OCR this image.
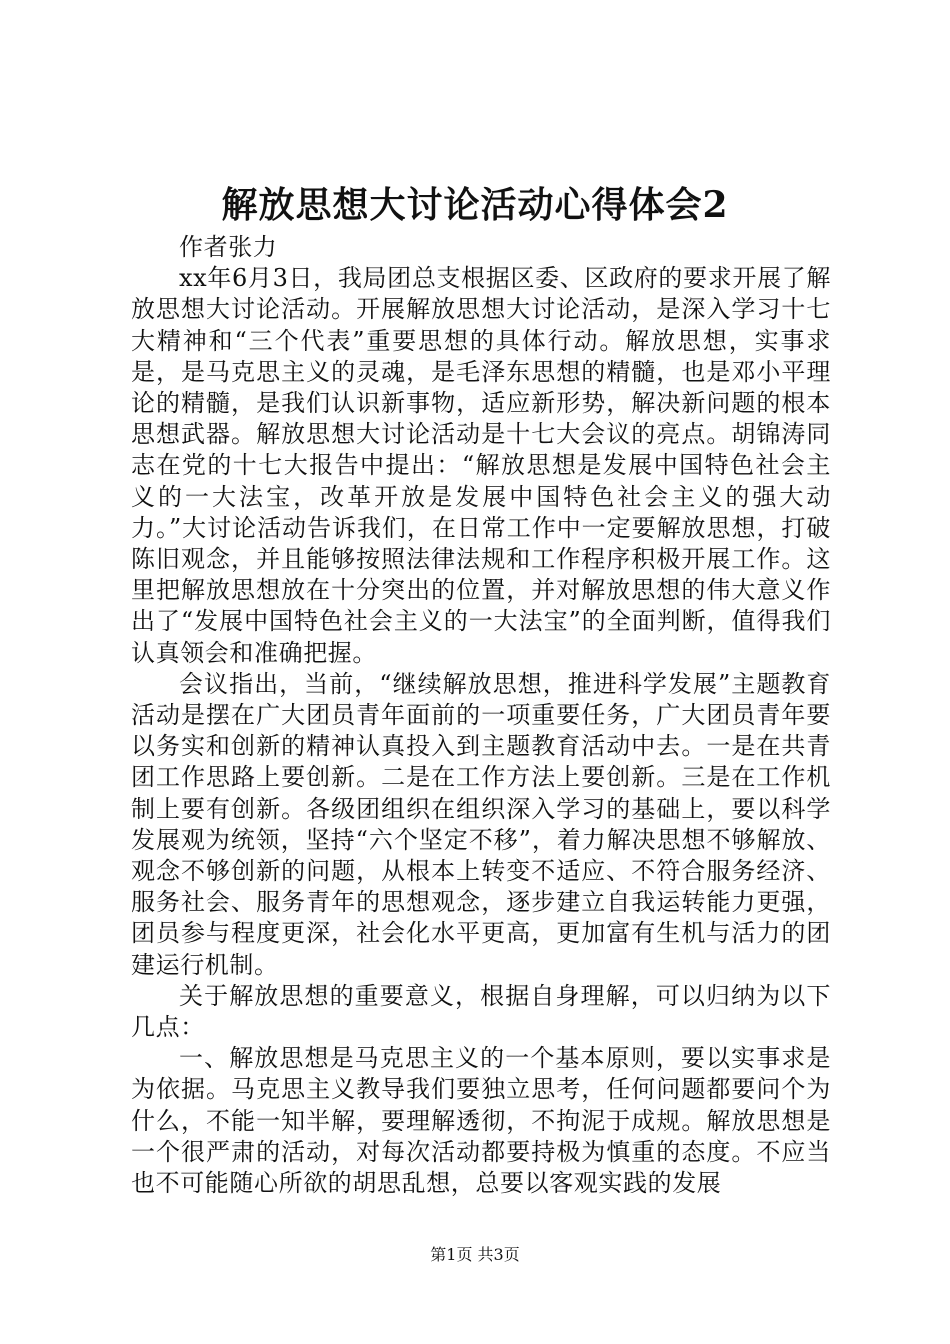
解放思想大讨论活动心得体会2

作者张力

xx年6月3日，我局团总支根据区委、区政府的要求开展了解放思想大讨论活动。开展解放思想大讨论活动，是深入学习十七大精神和“三个代表”重要思想的具体行动。解放思想，实事求是，是马克思主义的灵魂，是毛泽东思想的精髓，也是邓小平理论的精髓，是我们认识新事物，适应新形势，解决新问题的根本思想武器。解放思想大讨论活动是十七大会议的亮点。胡锦涛同志在党的十七大报告中提出：“解放思想是发展中国特色社会主义的一大法宝，改革开放是发展中国特色社会主义的强大动力。”大讨论活动告诉我们，在日常工作中一定要解放思想，打破陈旧观念，并且能够按照法律法规和工作程序积极开展工作。这里把解放思想放在十分突出的位置，并对解放思想的伟大意义作出了“发展中国特色社会主义的一大法宝”的全面判断，值得我们认真领会和准确把握。

会议指出，当前，“继续解放思想，推进科学发展”主题教育活动是摆在广大团员青年面前的一项重要任务，广大团员青年要以务实和创新的精神认真投入到主题教育活动中去。一是在共青团工作思路上要创新。二是在工作方法上要创新。三是在工作机制上要有创新。各级团组织在组织深入学习的基础上，要以科学发展观为统领，坚持“六个坚定不移”，着力解决思想不够解放、观念不够创新的问题，从根本上转变不适应、不符合服务经济、服务社会、服务青年的思想观念，逐步建立自我运转能力更强，团员参与程度更深，社会化水平更高，更加富有生机与活力的团建运行机制。

关于解放思想的重要意义，根据自身理解，可以归纳为以下几点：

一、解放思想是马克思主义的一个基本原则，要以实事求是为依据。马克思主义教导我们要独立思考，任何问题都要问个为什么，不能一知半解，要理解透彻，不拘泥于成规。解放思想是一个很严肃的活动，对每次活动都要持极为慎重的态度。不应当也不可能随心所欲的胡思乱想，总要以客观实践的发展

第1页 共3页
